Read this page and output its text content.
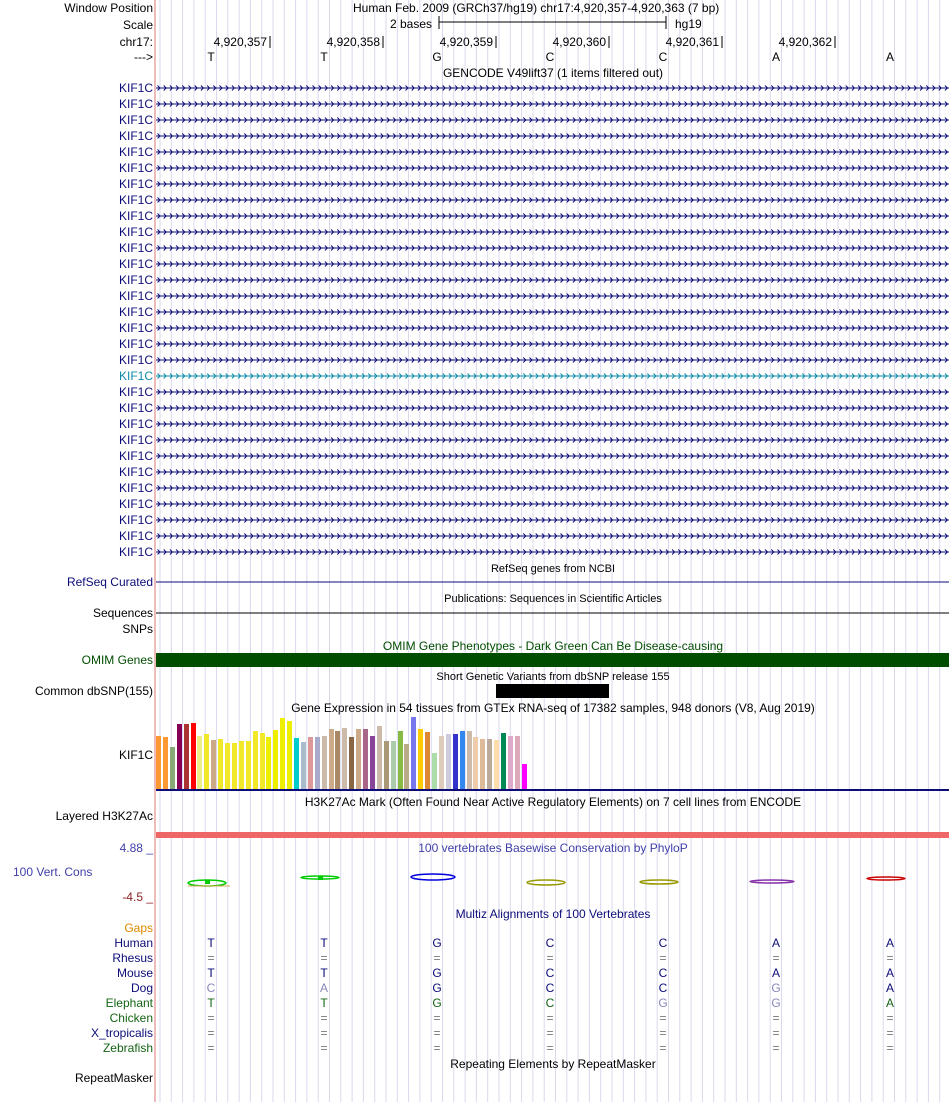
Window Position	Human Feb. 2009 (GRCh37/hg19) chr17:4,920,357-4,920,363 (7 bp)
Scale	2 bases	hg19
chr17:
--->
4,920,357	4,920,358	4,920,359	4,920,360	4,920,361	4,920,362
T	T	G	C	C	A	A
GENCODE V49lift37 (1 items filtered out)
KIF1C
KIF1C
KIF1C
KIF1C
KIF1C
KIF1C
KIF1C
KIF1C
KIF1C
KIF1C
KIF1C
KIF1C
KIF1C
KIF1C
KIF1C
KIF1C
KIF1C
KIF1C
KIF1C
KIF1C
KIF1C
KIF1C
KIF1C
KIF1C
KIF1C
KIF1C
KIF1C
KIF1C
KIF1C
KIF1C
RefSeq genes from NCBI
RefSeq Curated
Publications: Sequences in Scientific Articles
Sequences
SNPs
OMIM Gene Phenotypes - Dark Green Can Be Disease-causing
OMIM Genes
Short Genetic Variants from dbSNP release 155
Common dbSNP(155)
Gene Expression in 54 tissues from GTEx RNA-seq of 17382 samples, 948 donors (V8, Aug 2019)
KIF1C
H3K27Ac Mark (Often Found Near Active Regulatory Elements) on 7 cell lines from ENCODE
Layered H3K27Ac
100 vertebrates Basewise Conservation by PhyloP
4.88 _
100 Vert. Cons
-4.5 _
Multiz Alignments of 100 Vertebrates
Gaps
Human	T	T	G	C	C	A	A
Rhesus	=	=	=	=	=	=	=
Mouse	T	T	G	C	C	A	A
Dog	C	A	G	C	C	G	A
Elephant	T	T	G	C	G	G	A
Chicken	=	=	=	=	=	=	=
X_tropicalis	=	=	=	=	=	=	=
Zebrafish	=	=	=	=	=	=	=
Repeating Elements by RepeatMasker
RepeatMasker
